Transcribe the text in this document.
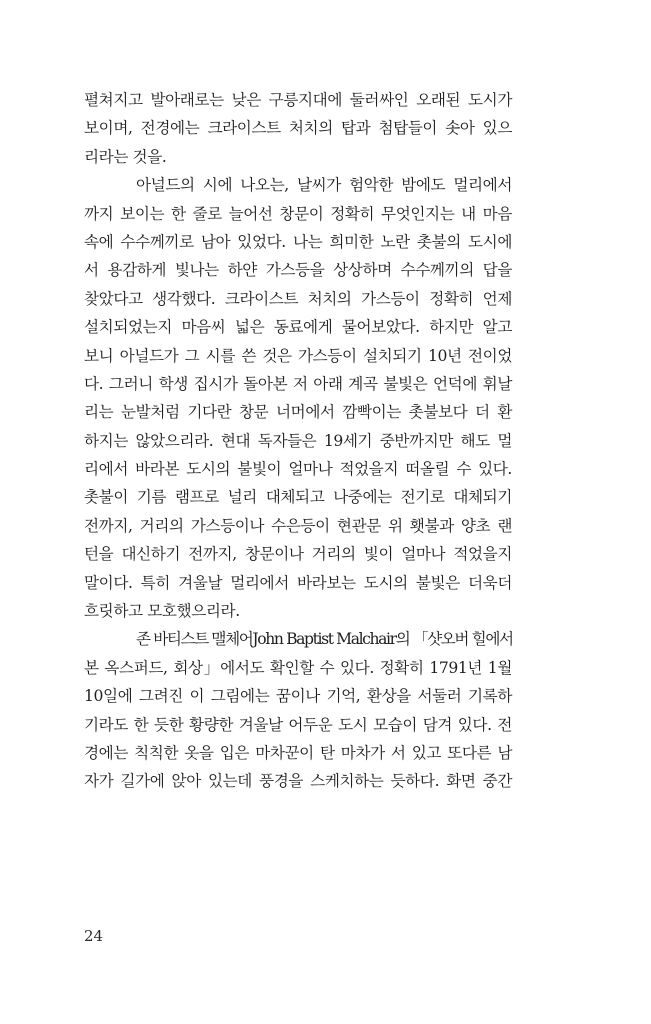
펼쳐지고 발아래로는 낮은 구릉지대에 둘러싸인 오래된 도시가
보이며, 전경에는 크라이스트 처치의 탑과 첨탑들이 솟아 있으
리라는 것을.
아널드의 시에 나오는, 날씨가 험악한 밤에도 멀리에서
까지 보이는 한 줄로 늘어선 창문이 정확히 무엇인지는 내 마음
속에 수수께끼로 남아 있었다. 나는 희미한 노란 촛불의 도시에
서 용감하게 빛나는 하얀 가스등을 상상하며 수수께끼의 답을
찾았다고 생각했다. 크라이스트 처치의 가스등이 정확히 언제
설치되었는지 마음씨 넓은 동료에게 물어보았다. 하지만 알고
보니 아널드가 그 시를 쓴 것은 가스등이 설치되기 10년 전이었
다. 그러니 학생 집시가 돌아본 저 아래 계곡 불빛은 언덕에 휘날
리는 눈발처럼 기다란 창문 너머에서 깜빡이는 촛불보다 더 환
하지는 않았으리라. 현대 독자들은 19세기 중반까지만 해도 멀
리에서 바라본 도시의 불빛이 얼마나 적었을지 떠올릴 수 있다.
촛불이 기름 램프로 널리 대체되고 나중에는 전기로 대체되기
전까지, 거리의 가스등이나 수은등이 현관문 위 횃불과 양초 랜
턴을 대신하기 전까지, 창문이나 거리의 빛이 얼마나 적었을지
말이다. 특히 겨울날 멀리에서 바라보는 도시의 불빛은 더욱더
흐릿하고 모호했으리라.
존 바티스트 맬체어John Baptist Malchair의 「샷오버 힐에서
본 옥스퍼드, 회상」에서도 확인할 수 있다. 정확히 1791년 1월
10일에 그려진 이 그림에는 꿈이나 기억, 환상을 서둘러 기록하
기라도 한 듯한 황량한 겨울날 어두운 도시 모습이 담겨 있다. 전
경에는 칙칙한 옷을 입은 마차꾼이 탄 마차가 서 있고 또다른 남
자가 길가에 앉아 있는데 풍경을 스케치하는 듯하다. 화면 중간
24
